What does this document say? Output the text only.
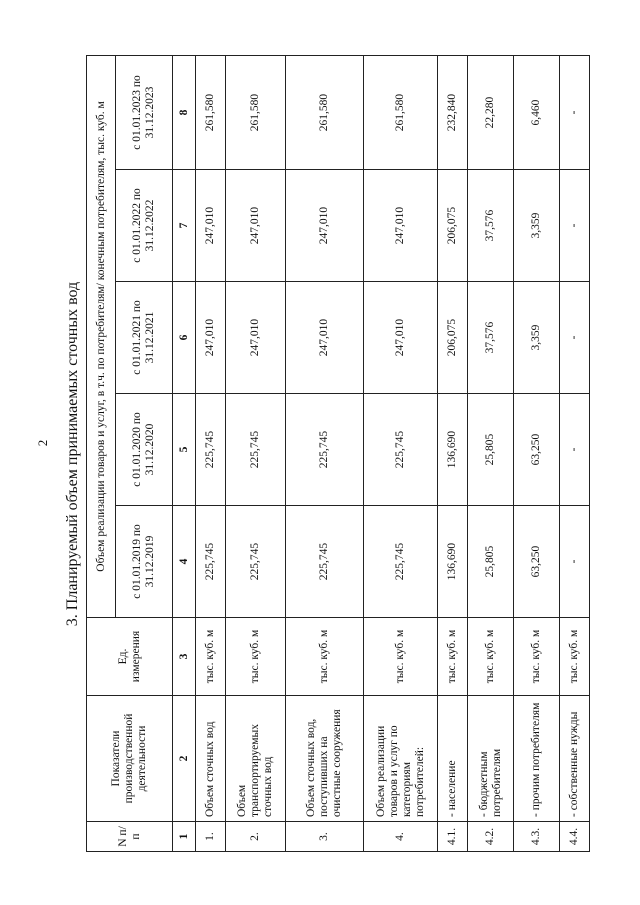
2 3. Планируемый объем принимаемых сточных вод
N п/п	Показатели производственной деятельности	Ед. измерения	Объем реализации товаров и услуг, в т.ч. по потребителям/ конечным потребителям, тыс. куб. м				
			с 01.01.2019 по 31.12.2019	с 01.01.2020 по 31.12.2020	с 01.01.2021 по 31.12.2021	с 01.01.2022 по 31.12.2022	с 01.01.2023 по 31.12.2023
1	2	3	4	5	6	7	8
1.	Объем сточных вод	тыс. куб. м	225,745	225,745	247,010	247,010	261,580
2.	Объем транспортируемых сточных вод	тыс. куб. м	225,745	225,745	247,010	247,010	261,580
3.	Объем сточных вод, поступивших на очистные сооружения	тыс. куб. м	225,745	225,745	247,010	247,010	261,580
4.	Объем реализации товаров и услуг по категориям потребителей:	тыс. куб. м	225,745	225,745	247,010	247,010	261,580
4.1.	- население	тыс. куб. м	136,690	136,690	206,075	206,075	232,840
4.2.	- бюджетным потребителям	тыс. куб. м	25,805	25,805	37,576	37,576	22,280
4.3.	- прочим потребителям	тыс. куб. м	63,250	63,250	3,359	3,359	6,460
4.4.	- собственные нужды	тыс. куб. м	-	-	-	-	-
